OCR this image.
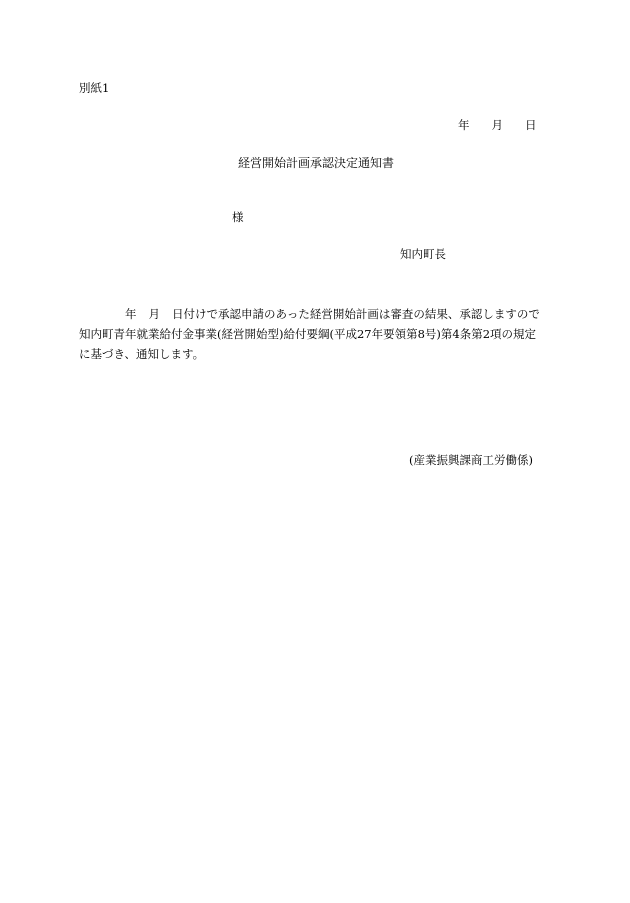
別紙1
年 月 日
経営開始計画承認決定通知書
様
知内町長
年 月 日付けで承認申請のあった経営開始計画は審査の結果、承認しますので
知内町青年就業給付金事業(経営開始型)給付要綱(平成27年要領第8号)第4条第2項の規定
に基づき、通知します。
(産業振興課商工労働係)
